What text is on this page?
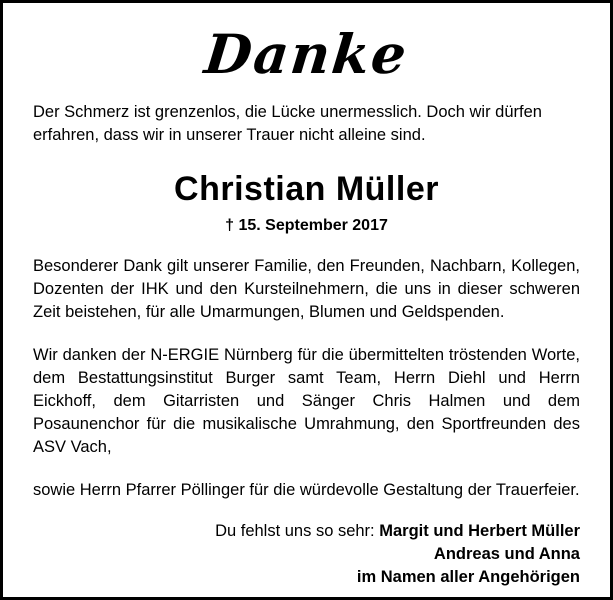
Danke

Der Schmerz ist grenzenlos, die Lücke unermesslich. Doch wir dürfen erfahren, dass wir in unserer Trauer nicht alleine sind.

Christian Müller
† 15. September 2017

Besonderer Dank gilt unserer Familie, den Freunden, Nachbarn, Kollegen, Dozenten der IHK und den Kursteilnehmern, die uns in dieser schweren Zeit beistehen, für alle Umarmungen, Blumen und Geldspenden.

Wir danken der N-ERGIE Nürnberg für die übermittelten tröstenden Worte, dem Bestattungsinstitut Burger samt Team, Herrn Diehl und Herrn Eickhoff, dem Gitarristen und Sänger Chris Halmen und dem Posaunenchor für die musikalische Umrahmung, den Sportfreunden des ASV Vach,

sowie Herrn Pfarrer Pöllinger für die würdevolle Gestaltung der Trauerfeier.

Du fehlst uns so sehr: Margit und Herbert Müller
Andreas und Anna
im Namen aller Angehörigen
